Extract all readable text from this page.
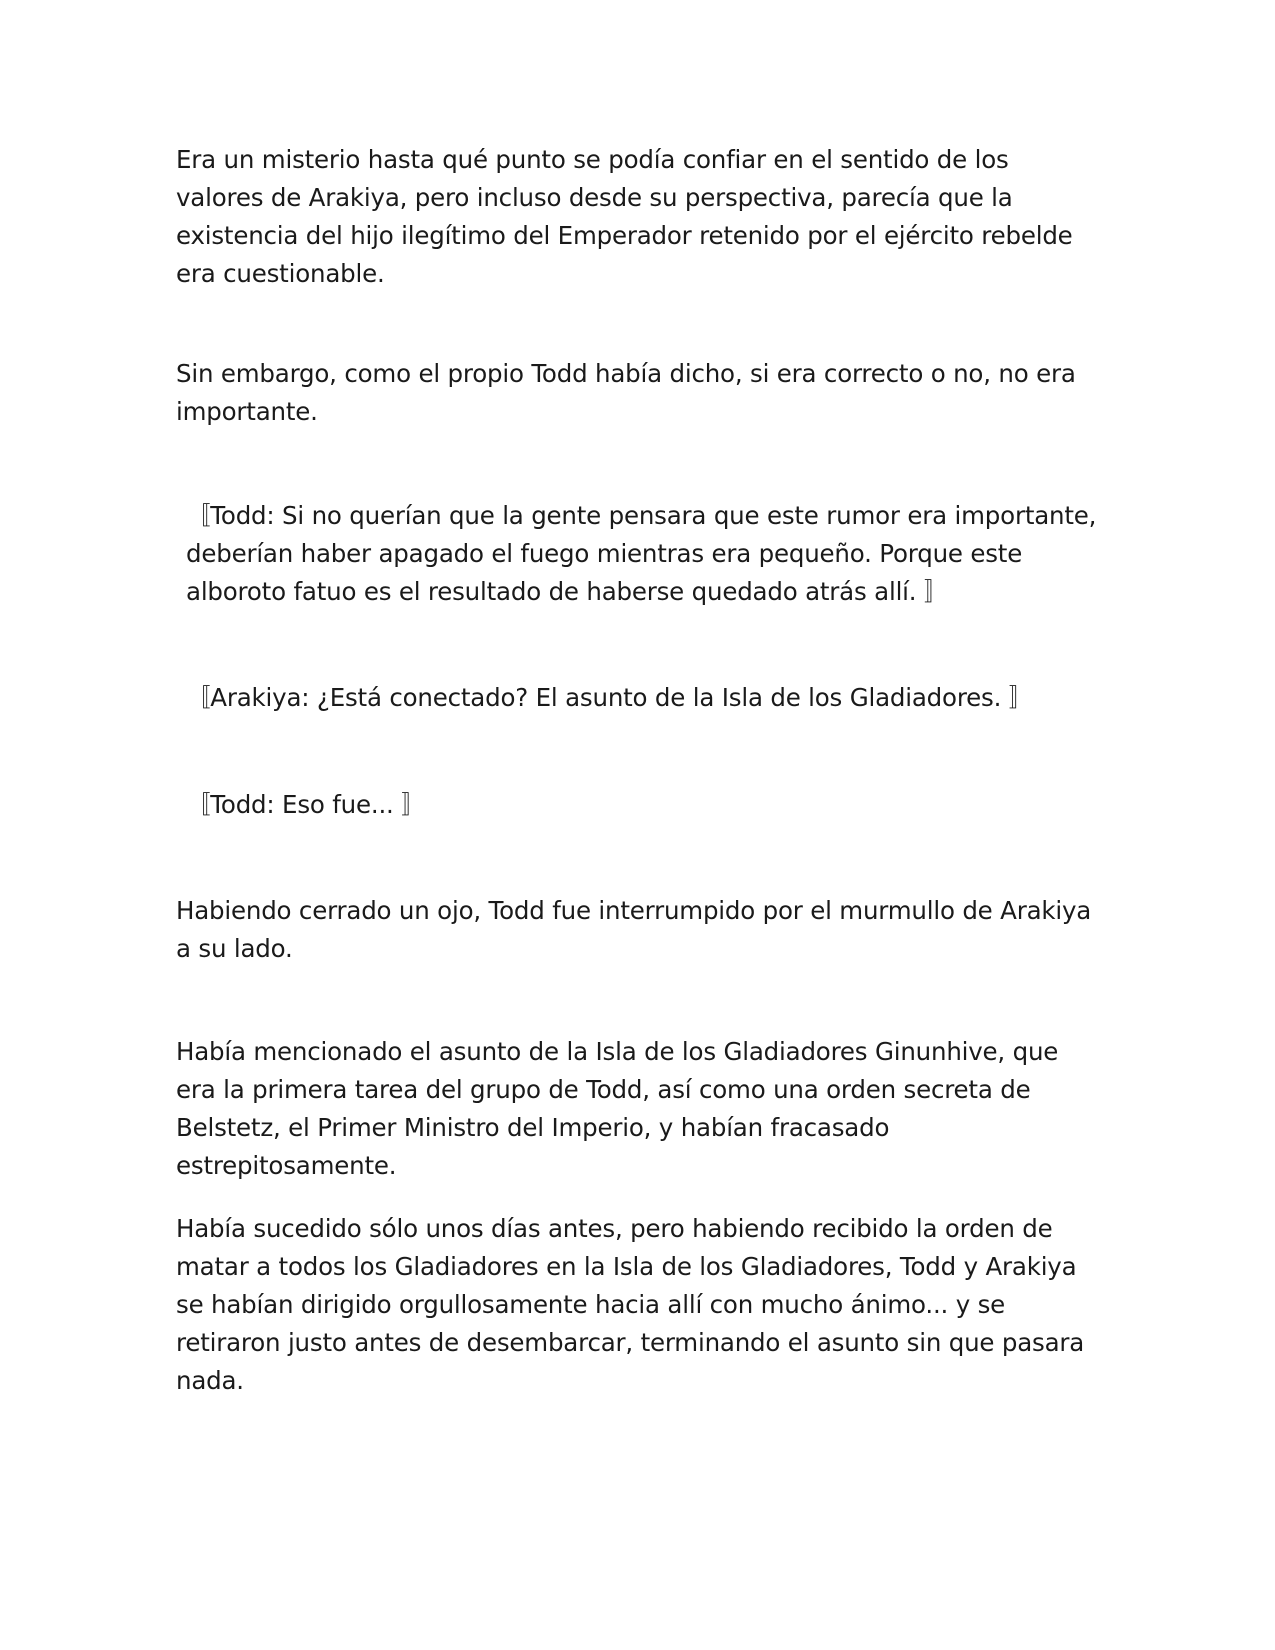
Era un misterio hasta qué punto se podía confiar en el sentido de los valores de Arakiya, pero incluso desde su perspectiva, parecía que la existencia del hijo ilegítimo del Emperador retenido por el ejército rebelde era cuestionable.

Sin embargo, como el propio Todd había dicho, si era correcto o no, no era importante.

〚Todd: Si no querían que la gente pensara que este rumor era importante, deberían haber apagado el fuego mientras era pequeño. Porque este alboroto fatuo es el resultado de haberse quedado atrás allí. 〛

〚Arakiya: ¿Está conectado? El asunto de la Isla de los Gladiadores. 〛

〚Todd: Eso fue... 〛

Habiendo cerrado un ojo, Todd fue interrumpido por el murmullo de Arakiya a su lado.

Había mencionado el asunto de la Isla de los Gladiadores Ginunhive, que era la primera tarea del grupo de Todd, así como una orden secreta de Belstetz, el Primer Ministro del Imperio, y habían fracasado estrepitosamente.

Había sucedido sólo unos días antes, pero habiendo recibido la orden de matar a todos los Gladiadores en la Isla de los Gladiadores, Todd y Arakiya se habían dirigido orgullosamente hacia allí con mucho ánimo... y se retiraron justo antes de desembarcar, terminando el asunto sin que pasara nada.
